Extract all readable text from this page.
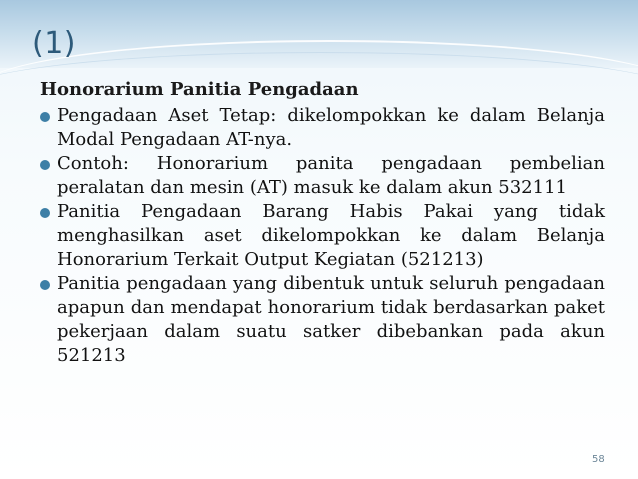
(1)
Honorarium Panitia Pengadaan

Pengadaan Aset Tetap: dikelompokkan ke dalam Belanja Modal Pengadaan AT-nya.

Contoh: Honorarium panita pengadaan pembelian peralatan dan mesin (AT) masuk ke dalam akun 532111

Panitia Pengadaan Barang Habis Pakai yang tidak menghasilkan aset dikelompokkan ke dalam Belanja Honorarium Terkait Output Kegiatan (521213)

Panitia pengadaan yang dibentuk untuk seluruh pengadaan apapun dan mendapat honorarium tidak berdasarkan paket pekerjaan dalam suatu satker dibebankan pada akun 521213

58
